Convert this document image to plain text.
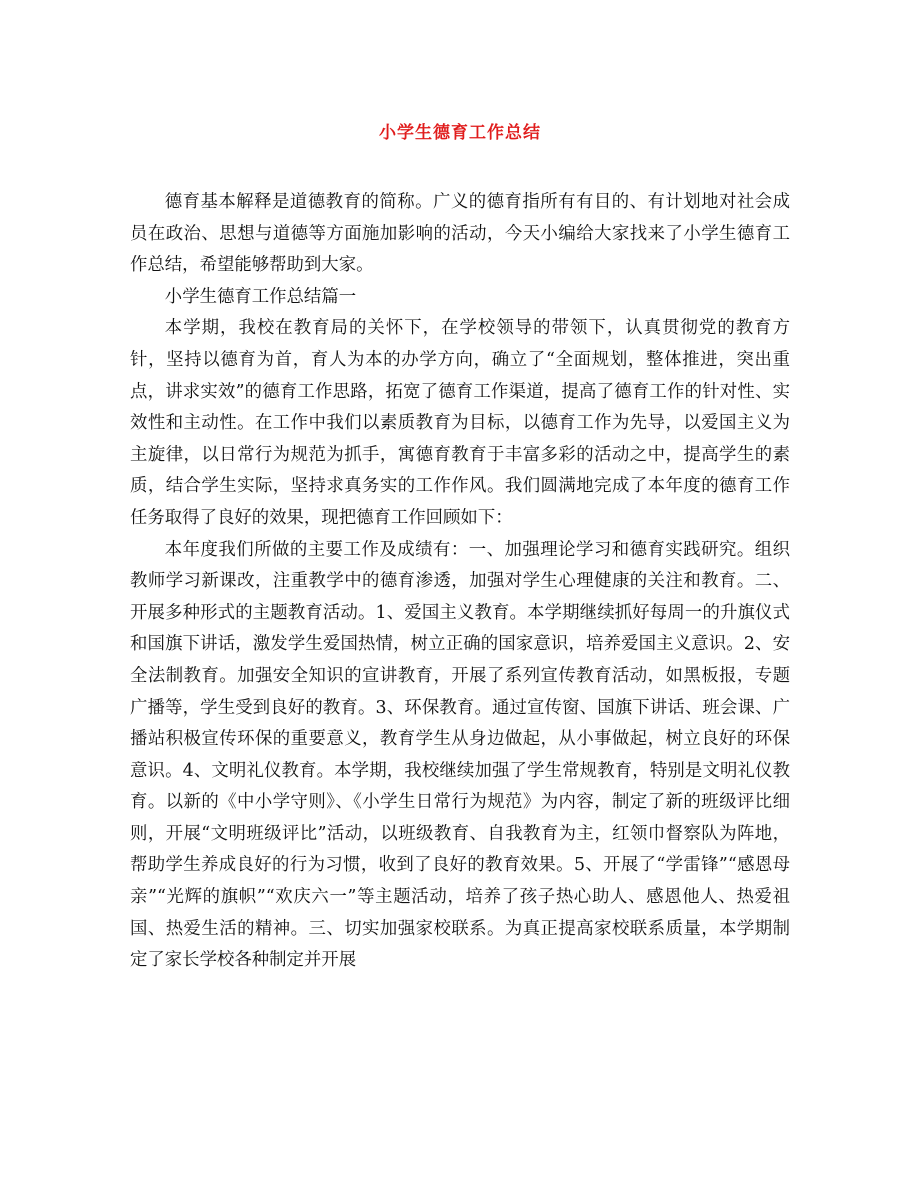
小学生德育工作总结

德育基本解释是道德教育的简称。广义的德育指所有有目的、有计划地对社会成员在政治、思想与道德等方面施加影响的活动，今天小编给大家找来了小学生德育工作总结，希望能够帮助到大家。

小学生德育工作总结篇一

本学期，我校在教育局的关怀下，在学校领导的带领下，认真贯彻党的教育方针，坚持以德育为首，育人为本的办学方向，确立了“全面规划，整体推进，突出重点，讲求实效”的德育工作思路，拓宽了德育工作渠道，提高了德育工作的针对性、实效性和主动性。在工作中我们以素质教育为目标，以德育工作为先导，以爱国主义为主旋律，以日常行为规范为抓手，寓德育教育于丰富多彩的活动之中，提高学生的素质，结合学生实际，坚持求真务实的工作作风。我们圆满地完成了本年度的德育工作任务取得了良好的效果，现把德育工作回顾如下：

本年度我们所做的主要工作及成绩有：一、加强理论学习和德育实践研究。组织教师学习新课改，注重教学中的德育渗透，加强对学生心理健康的关注和教育。二、开展多种形式的主题教育活动。1、爱国主义教育。本学期继续抓好每周一的升旗仪式和国旗下讲话，激发学生爱国热情，树立正确的国家意识，培养爱国主义意识。2、安全法制教育。加强安全知识的宣讲教育，开展了系列宣传教育活动，如黑板报，专题广播等，学生受到良好的教育。3、环保教育。通过宣传窗、国旗下讲话、班会课、广播站积极宣传环保的重要意义，教育学生从身边做起，从小事做起，树立良好的环保意识。4、文明礼仪教育。本学期，我校继续加强了学生常规教育，特别是文明礼仪教育。以新的《中小学守则》、《小学生日常行为规范》为内容，制定了新的班级评比细则，开展“文明班级评比”活动，以班级教育、自我教育为主，红领巾督察队为阵地，帮助学生养成良好的行为习惯，收到了良好的教育效果。5、开展了“学雷锋”“感恩母亲”“光辉的旗帜”“欢庆六一”等主题活动，培养了孩子热心助人、感恩他人、热爱祖国、热爱生活的精神。三、切实加强家校联系。为真正提高家校联系质量，本学期制定了家长学校各种制定并开展
